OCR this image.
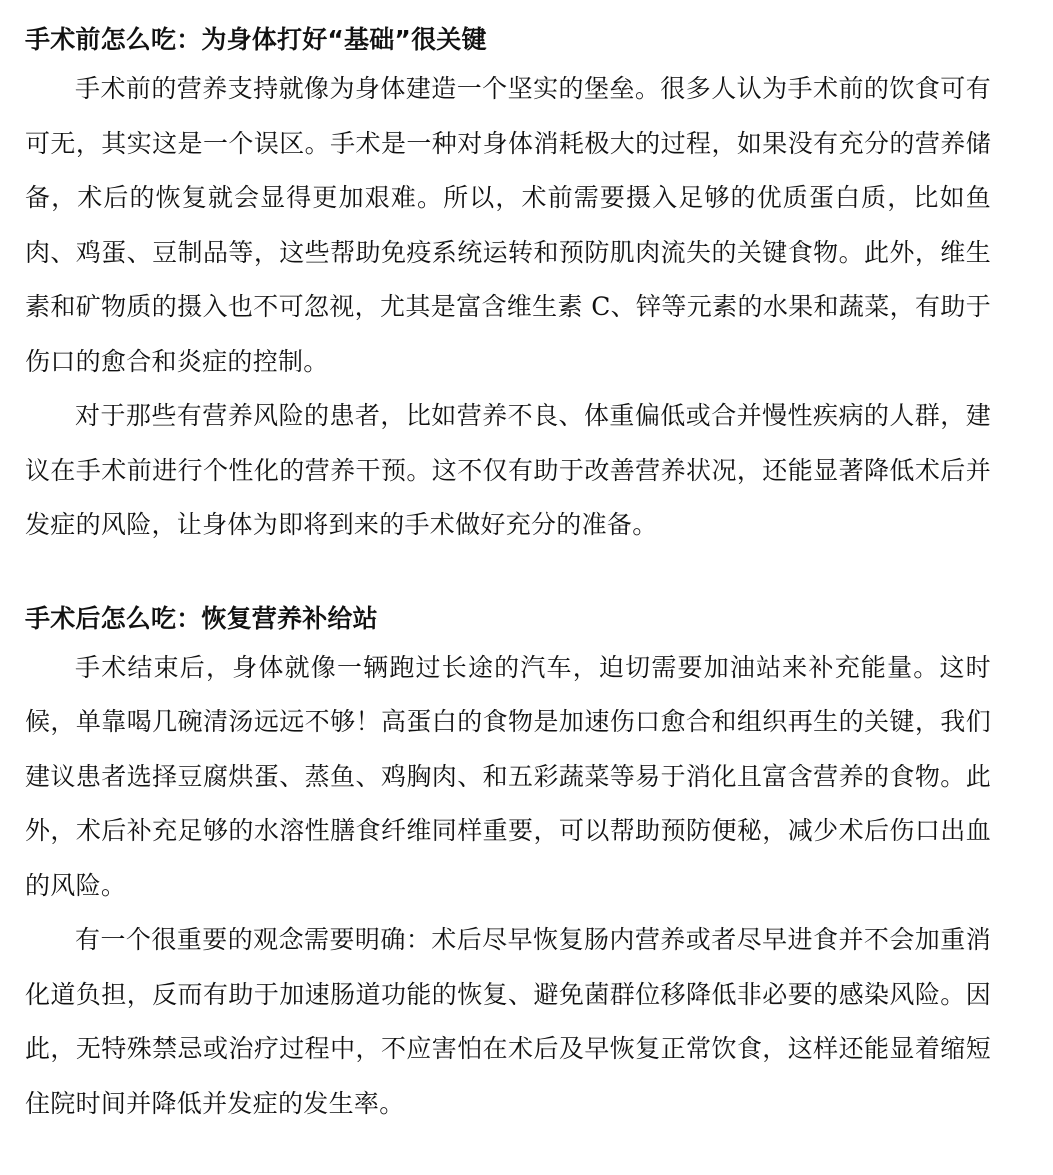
手术前怎么吃：为身体打好“基础”很关键

手术前的营养支持就像为身体建造一个坚实的堡垒。很多人认为手术前的饮食可有可无，其实这是一个误区。手术是一种对身体消耗极大的过程，如果没有充分的营养储备，术后的恢复就会显得更加艰难。所以，术前需要摄入足够的优质蛋白质，比如鱼肉、鸡蛋、豆制品等，这些帮助免疫系统运转和预防肌肉流失的关键食物。此外，维生素和矿物质的摄入也不可忽视，尤其是富含维生素 C、锌等元素的水果和蔬菜，有助于伤口的愈合和炎症的控制。

对于那些有营养风险的患者，比如营养不良、体重偏低或合并慢性疾病的人群，建议在手术前进行个性化的营养干预。这不仅有助于改善营养状况，还能显著降低术后并发症的风险，让身体为即将到来的手术做好充分的准备。

手术后怎么吃：恢复营养补给站

手术结束后，身体就像一辆跑过长途的汽车，迫切需要加油站来补充能量。这时候，单靠喝几碗清汤远远不够！高蛋白的食物是加速伤口愈合和组织再生的关键，我们建议患者选择豆腐烘蛋、蒸鱼、鸡胸肉、和五彩蔬菜等易于消化且富含营养的食物。此外，术后补充足够的水溶性膳食纤维同样重要，可以帮助预防便秘，减少术后伤口出血的风险。

有一个很重要的观念需要明确：术后尽早恢复肠内营养或者尽早进食并不会加重消化道负担，反而有助于加速肠道功能的恢复、避免菌群位移降低非必要的感染风险。因此，无特殊禁忌或治疗过程中，不应害怕在术后及早恢复正常饮食，这样还能显着缩短住院时间并降低并发症的发生率。
